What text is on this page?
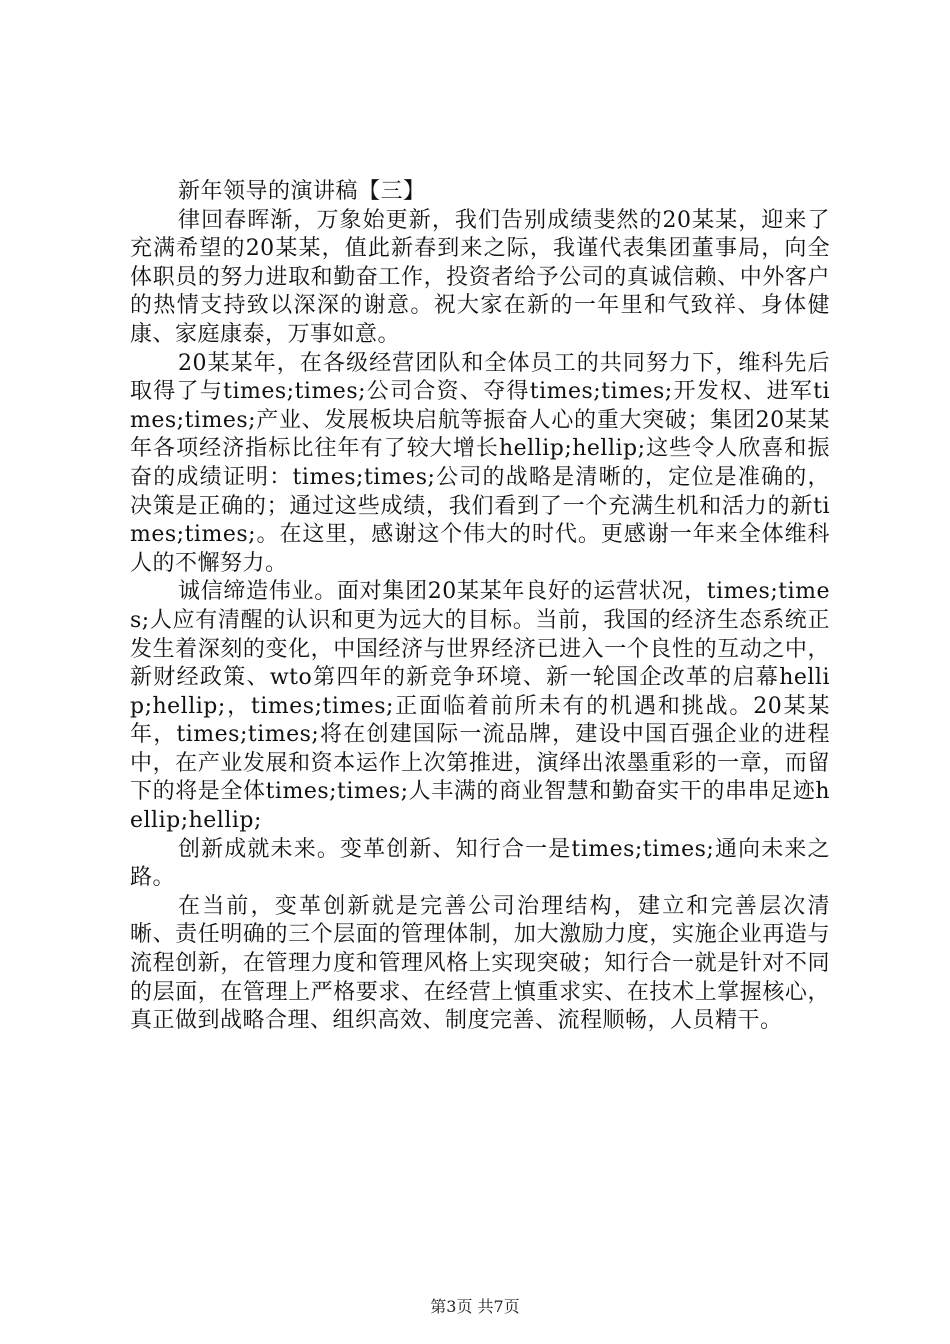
新年领导的演讲稿【三】

律回春晖渐，万象始更新，我们告别成绩斐然的20某某，迎来了充满希望的20某某，值此新春到来之际，我谨代表集团董事局，向全体职员的努力进取和勤奋工作，投资者给予公司的真诚信赖、中外客户的热情支持致以深深的谢意。祝大家在新的一年里和气致祥、身体健康、家庭康泰，万事如意。

20某某年，在各级经营团队和全体员工的共同努力下，维科先后取得了与times;times;公司合资、夺得times;times;开发权、进军times;times;产业、发展板块启航等振奋人心的重大突破；集团20某某年各项经济指标比往年有了较大增长hellip;hellip;这些令人欣喜和振奋的成绩证明：times;times;公司的战略是清晰的，定位是准确的，决策是正确的；通过这些成绩，我们看到了一个充满生机和活力的新times;times;。在这里，感谢这个伟大的时代。更感谢一年来全体维科人的不懈努力。

诚信缔造伟业。面对集团20某某年良好的运营状况，times;times;人应有清醒的认识和更为远大的目标。当前，我国的经济生态系统正发生着深刻的变化，中国经济与世界经济已进入一个良性的互动之中，新财经政策、wto第四年的新竞争环境、新一轮国企改革的启幕hellip;hellip;，times;times;正面临着前所未有的机遇和挑战。20某某年，times;times;将在创建国际一流品牌，建设中国百强企业的进程中，在产业发展和资本运作上次第推进，演绎出浓墨重彩的一章，而留下的将是全体times;times;人丰满的商业智慧和勤奋实干的串串足迹hellip;hellip;

创新成就未来。变革创新、知行合一是times;times;通向未来之路。

在当前，变革创新就是完善公司治理结构，建立和完善层次清晰、责任明确的三个层面的管理体制，加大激励力度，实施企业再造与流程创新，在管理力度和管理风格上实现突破；知行合一就是针对不同的层面，在管理上严格要求、在经营上慎重求实、在技术上掌握核心，真正做到战略合理、组织高效、制度完善、流程顺畅，人员精干。

第3页 共7页
